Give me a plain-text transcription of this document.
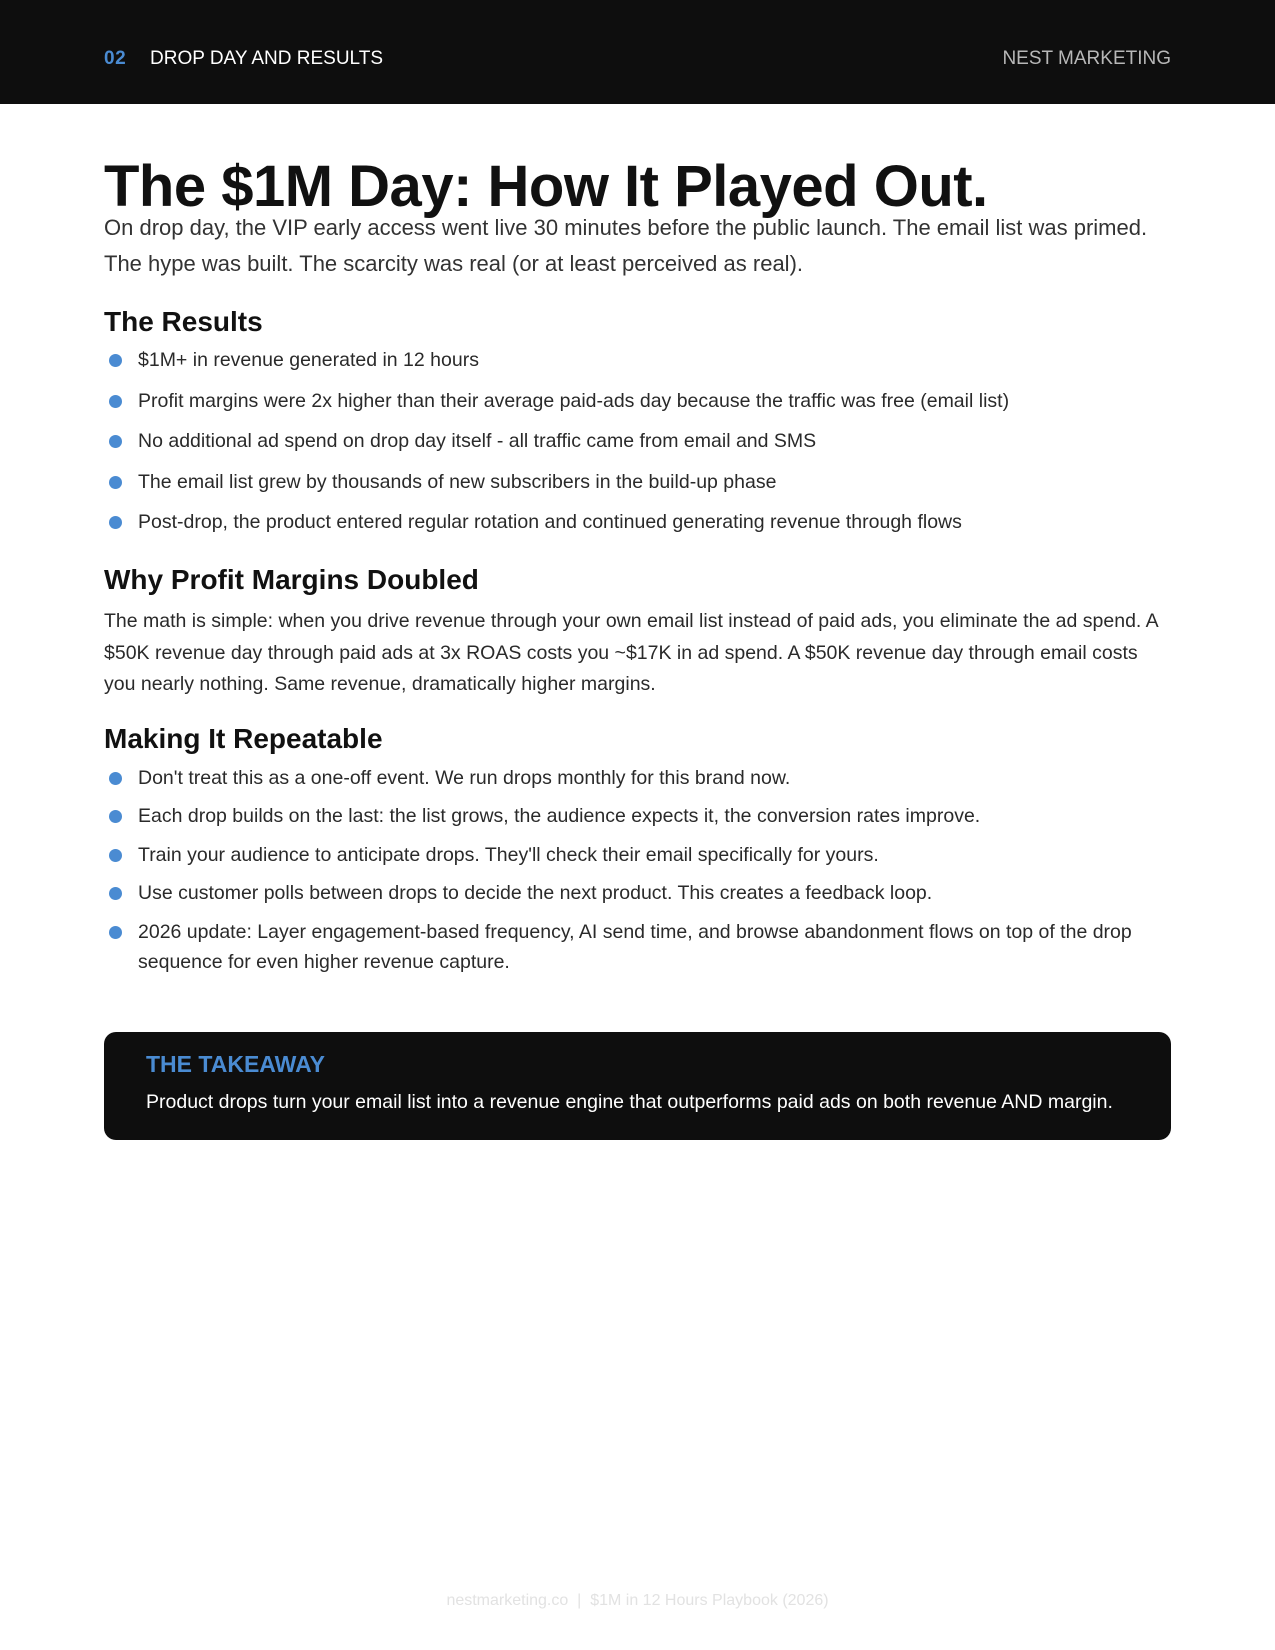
02 DROP DAY AND RESULTS	NEST MARKETING
The $1M Day: How It Played Out.

On drop day, the VIP early access went live 30 minutes before the public launch. The email list was primed. The hype was built. The scarcity was real (or at least perceived as real).

The Results
$1M+ in revenue generated in 12 hours
Profit margins were 2x higher than their average paid-ads day because the traffic was free (email list)
No additional ad spend on drop day itself - all traffic came from email and SMS
The email list grew by thousands of new subscribers in the build-up phase
Post-drop, the product entered regular rotation and continued generating revenue through flows
Why Profit Margins Doubled

The math is simple: when you drive revenue through your own email list instead of paid ads, you eliminate the ad spend. A $50K revenue day through paid ads at 3x ROAS costs you ~$17K in ad spend. A $50K revenue day through email costs you nearly nothing. Same revenue, dramatically higher margins.

Making It Repeatable
Don't treat this as a one-off event. We run drops monthly for this brand now.
Each drop builds on the last: the list grows, the audience expects it, the conversion rates improve.
Train your audience to anticipate drops. They'll check their email specifically for yours.
Use customer polls between drops to decide the next product. This creates a feedback loop.
2026 update: Layer engagement-based frequency, AI send time, and browse abandonment flows on top of the drop sequence for even higher revenue capture.
THE TAKEAWAY
Product drops turn your email list into a revenue engine that outperforms paid ads on both revenue AND margin.
nestmarketing.co  |  $1M in 12 Hours Playbook (2026)
